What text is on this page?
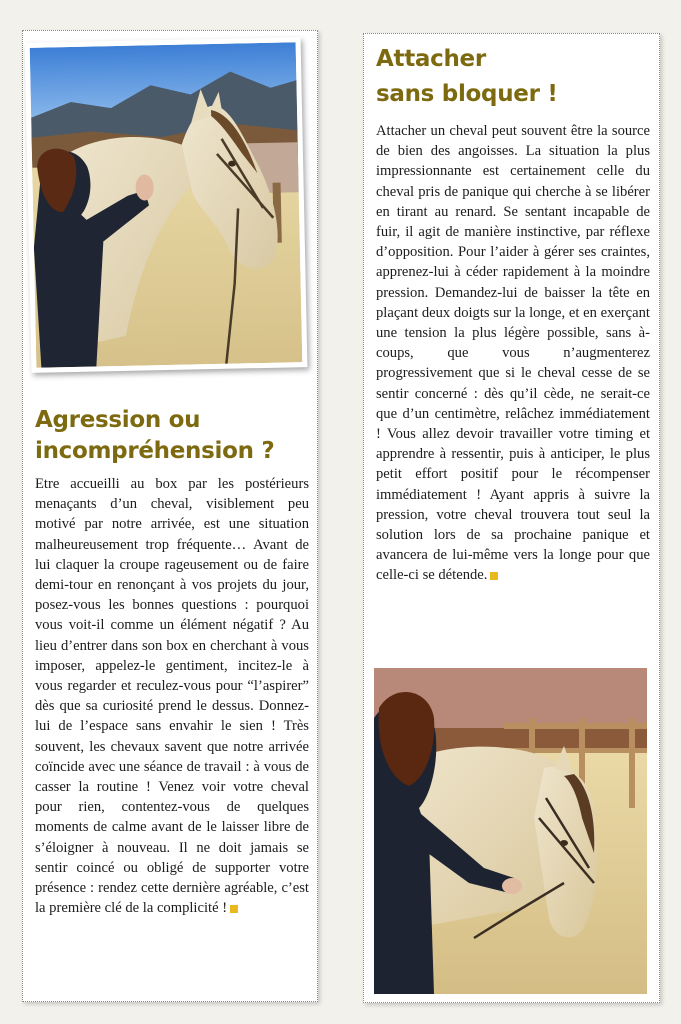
Agression ou
incompréhension ?

Etre accueilli au box par les postérieurs menaçants d’un cheval, visiblement peu motivé par notre arrivée, est une situation malheureusement trop fréquente… Avant de lui claquer la croupe rageusement ou de faire demi-tour en renonçant à vos projets du jour, posez-vous les bonnes questions : pourquoi vous voit-il comme un élément négatif ? Au lieu d’entrer dans son box en cherchant à vous imposer, appelez-le gentiment, incitez-le à vous regarder et reculez-vous pour “l’aspirer” dès que sa curiosité prend le dessus. Donnez-lui de l’espace sans envahir le sien ! Très souvent, les chevaux savent que notre arrivée coïncide avec une séance de travail : à vous de casser la routine ! Venez voir votre cheval pour rien, contentez-vous de quelques moments de calme avant de le laisser libre de s’éloigner à nouveau. Il ne doit jamais se sentir coincé ou obligé de supporter votre présence : rendez cette dernière agréable, c’est la première clé de la complicité !

Attacher
sans bloquer !

Attacher un cheval peut souvent être la source de bien des angoisses. La situation la plus impressionnante est certainement celle du cheval pris de panique qui cherche à se libérer en tirant au renard. Se sentant incapable de fuir, il agit de manière instinctive, par réflexe d’opposition. Pour l’aider à gérer ses craintes, apprenez-lui à céder rapidement à la moindre pression. Demandez-lui de baisser la tête en plaçant deux doigts sur la longe, et en exerçant une tension la plus légère possible, sans à-coups, que vous n’augmenterez progressivement que si le cheval cesse de se sentir concerné : dès qu’il cède, ne serait-ce que d’un centimètre, relâchez immédiatement ! Vous allez devoir travailler votre timing et apprendre à ressentir, puis à anticiper, le plus petit effort positif pour le récompenser immédiatement ! Ayant appris à suivre la pression, votre cheval trouvera tout seul la solution lors de sa prochaine panique et avancera de lui-même vers la longe pour que celle-ci se détende.
